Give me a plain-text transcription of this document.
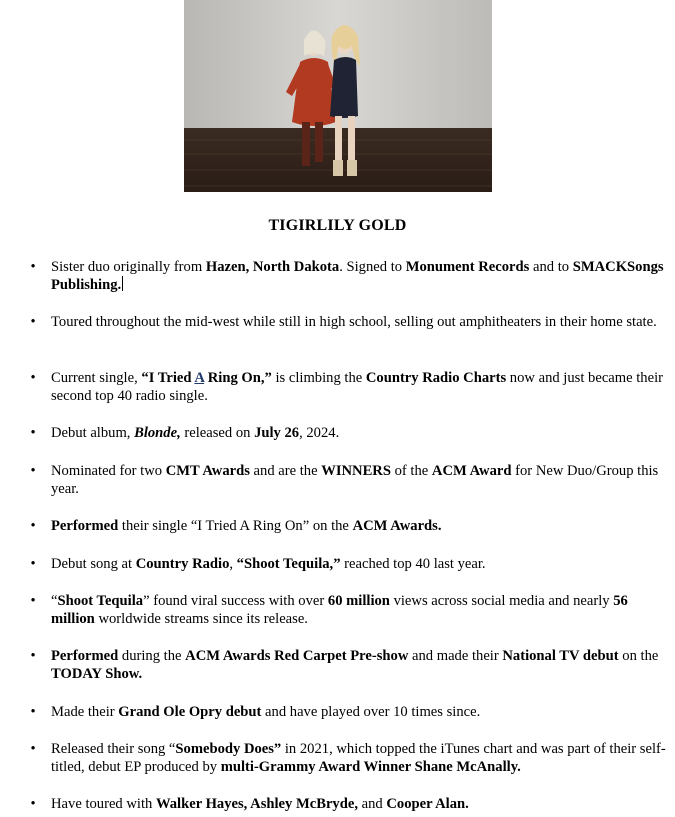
TIGIRLILY GOLD
• Sister duo originally from Hazen, North Dakota. Signed to Monument Records and to SMACKSongs Publishing.
• Toured throughout the mid-west while still in high school, selling out amphitheaters in their home state.
• Current single, “I Tried A Ring On,” is climbing the Country Radio Charts now and just became their second top 40 radio single.
• Debut album, Blonde, released on July 26, 2024.
• Nominated for two CMT Awards and are the WINNERS of the ACM Award for New Duo/Group this year.
• Performed their single “I Tried A Ring On” on the ACM Awards.
• Debut song at Country Radio, “Shoot Tequila,” reached top 40 last year.
• “Shoot Tequila” found viral success with over 60 million views across social media and nearly 56 million worldwide streams since its release.
• Performed during the ACM Awards Red Carpet Pre-show and made their National TV debut on the TODAY Show.
• Made their Grand Ole Opry debut and have played over 10 times since.
• Released their song “Somebody Does” in 2021, which topped the iTunes chart and was part of their self-titled, debut EP produced by multi-Grammy Award Winner Shane McAnally.
• Have toured with Walker Hayes, Ashley McBryde, and Cooper Alan.
